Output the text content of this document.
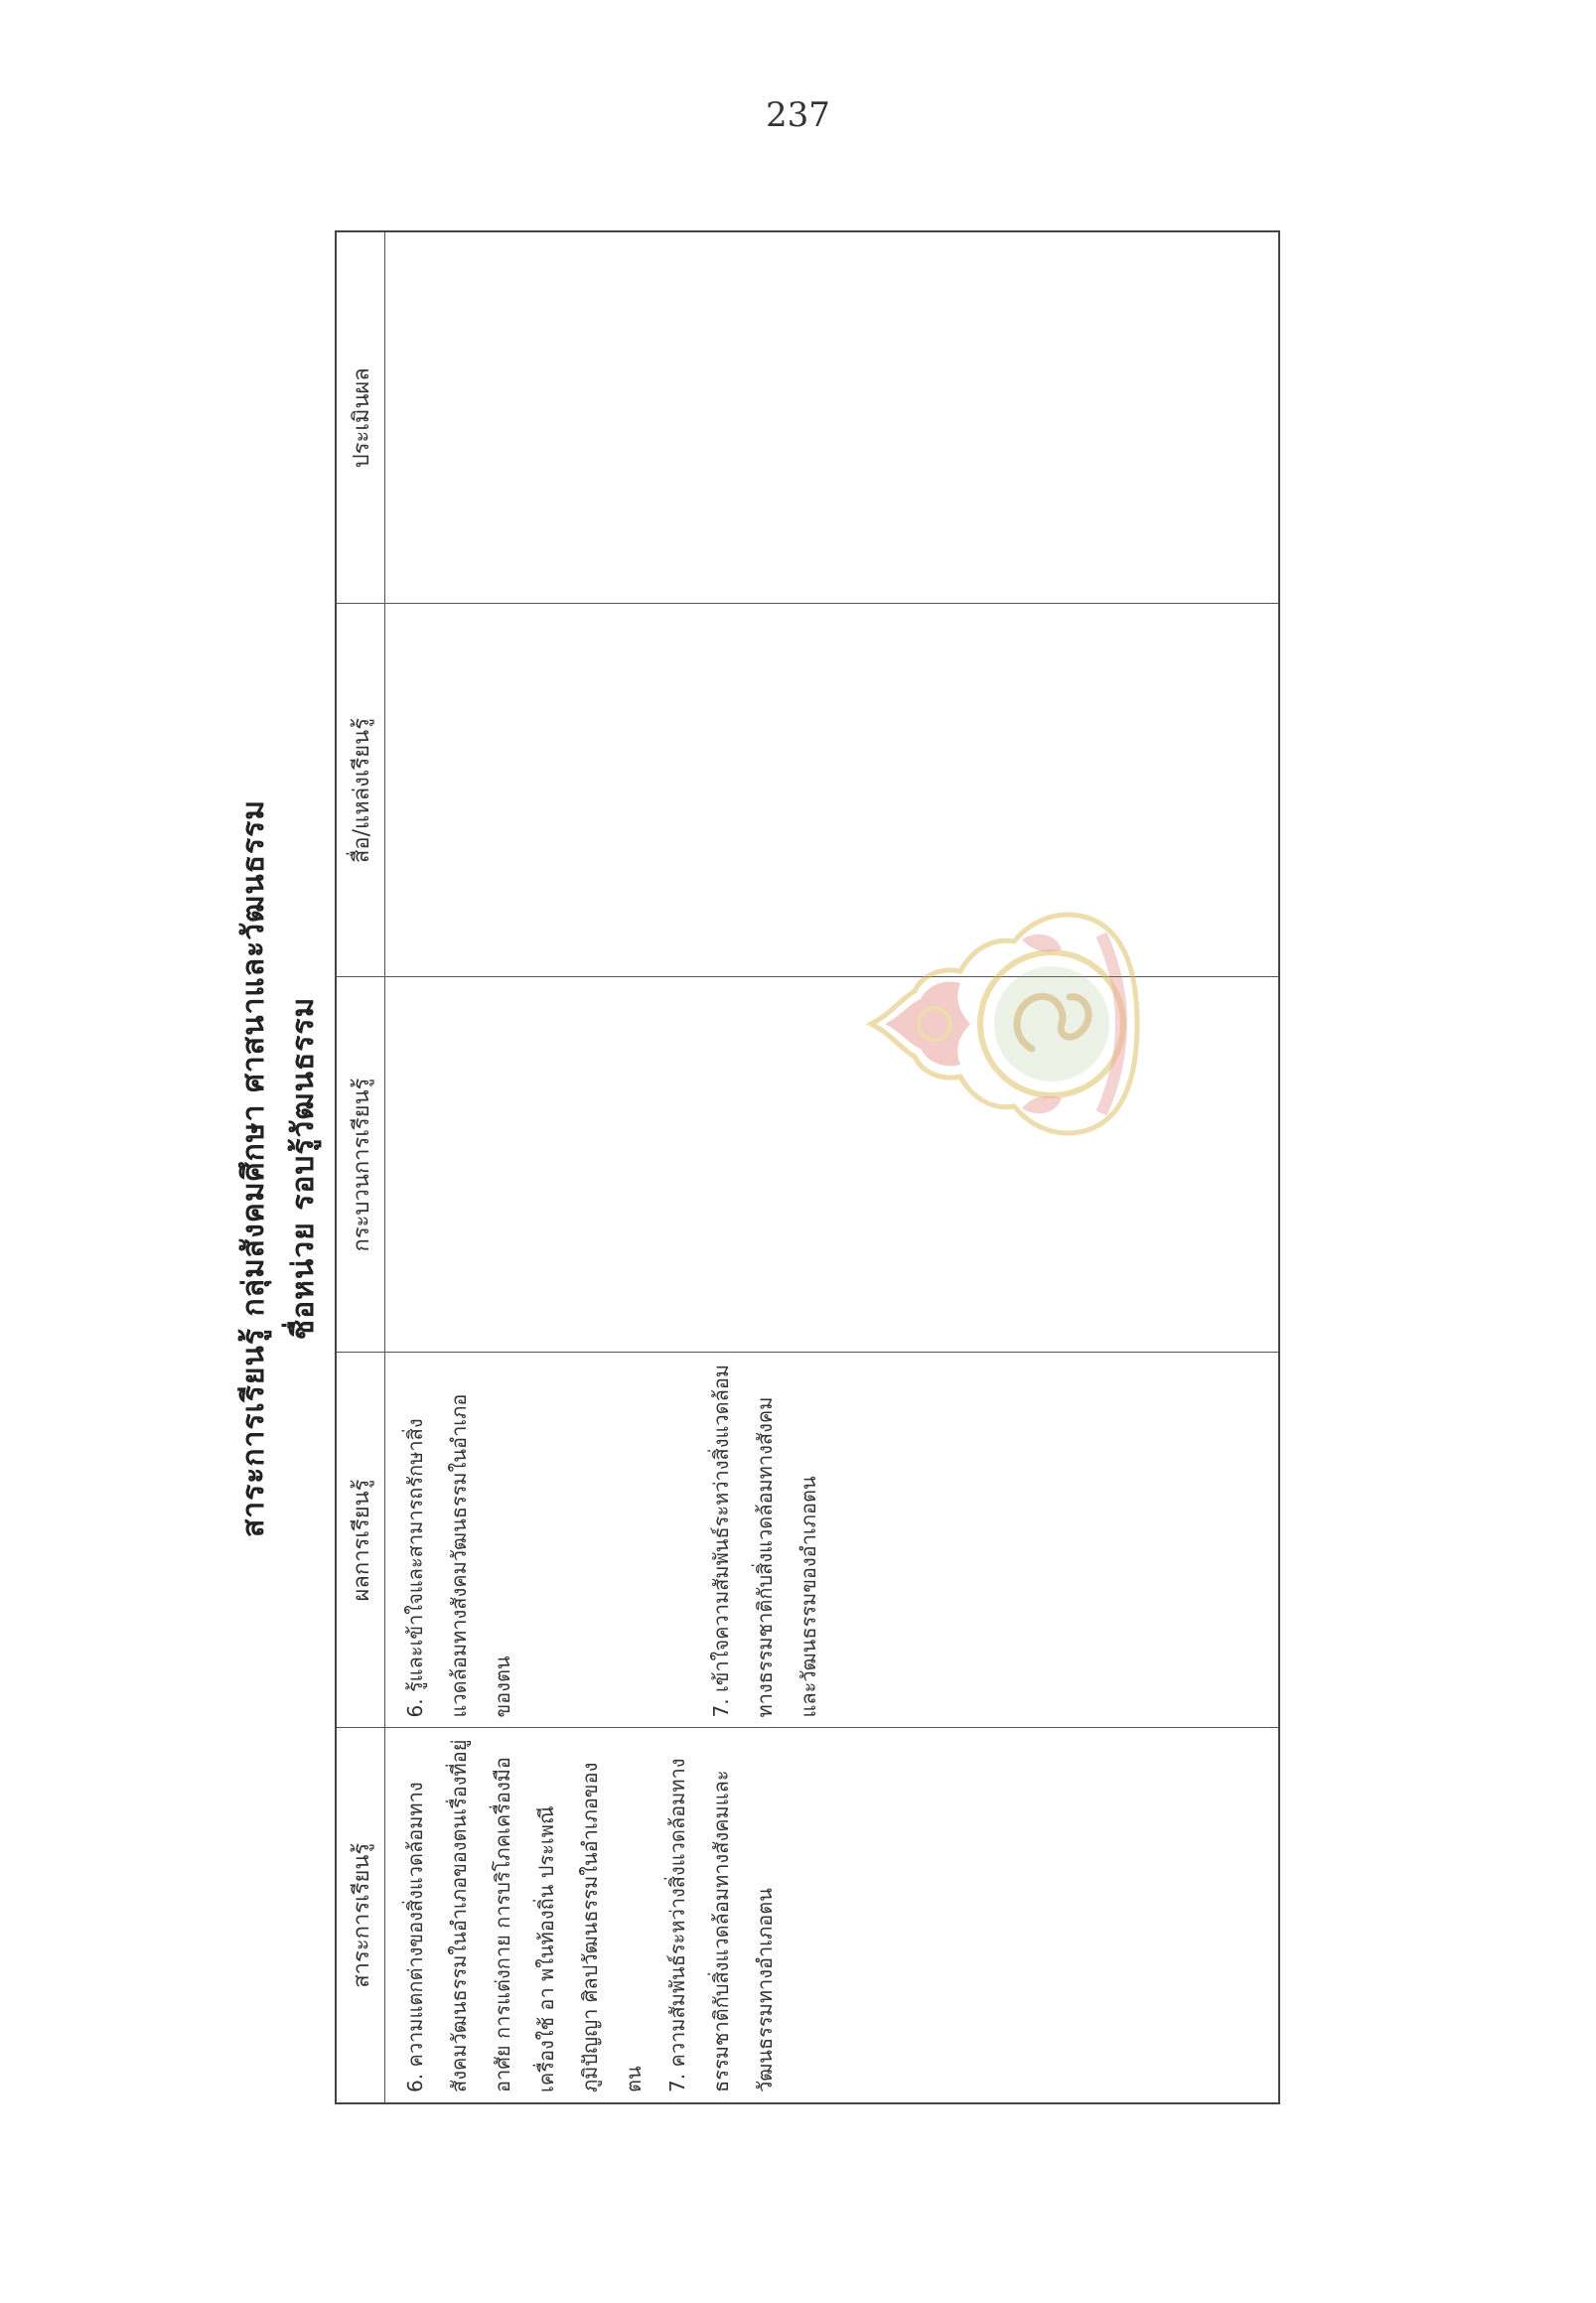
237
สาระการเรียนรู้ กลุ่มสังคมศึกษา ศาสนาและวัฒนธรรม ชื่อหน่วย รอบรู้วัฒนธรรม
สาระการเรียนรู้	ผลการเรียนรู้	กระบวนการเรียนรู้	สื่อ/แหล่งเรียนรู้	ประเมินผล

6. ความแตกต่างของสิ่งแวดล้อมทางสังคมวัฒนธรรมในอำเภอของตนเรื่องที่อยู่อาศัย การแต่งกาย การบริโภคเครื่องมือเครื่องใช้ อา พในท้องถิ่น ประเพณี ภูมิปัญญา ศิลปวัฒนธรรมในอำเภอของตน 7. ความสัมพันธ์ระหว่างสิ่งแวดล้อมทางธรรมชาติกับสิ่งแวดล้อมทางสังคมและวัฒนธรรมทางอำเภอตน	6. รู้และเข้าใจและสามารถรักษาสิ่งแวดล้อมทางสังคมวัฒนธรรมในอำเภอของตน 7. เข้าใจความสัมพันธ์ระหว่างสิ่งแวดล้อมทางธรรมชาติกับสิ่งแวดล้อมทางสังคมและวัฒนธรรมของอำเภอตน			
